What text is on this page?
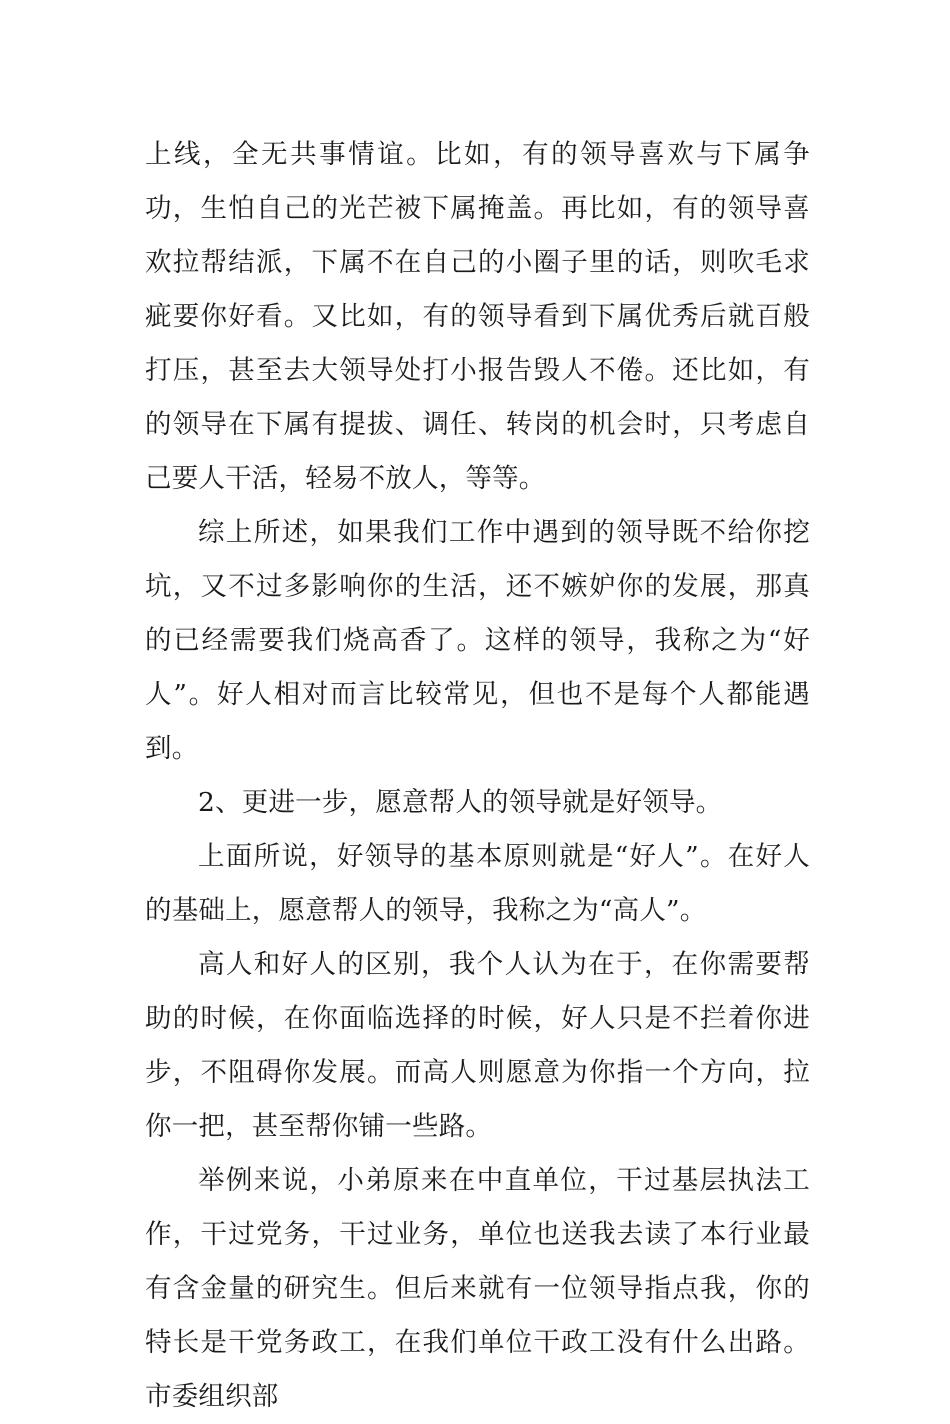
上线，全无共事情谊。比如，有的领导喜欢与下属争功，生怕自己的光芒被下属掩盖。再比如，有的领导喜欢拉帮结派，下属不在自己的小圈子里的话，则吹毛求疵要你好看。又比如，有的领导看到下属优秀后就百般打压，甚至去大领导处打小报告毁人不倦。还比如，有的领导在下属有提拔、调任、转岗的机会时，只考虑自己要人干活，轻易不放人，等等。

综上所述，如果我们工作中遇到的领导既不给你挖坑，又不过多影响你的生活，还不嫉妒你的发展，那真的已经需要我们烧高香了。这样的领导，我称之为“好人”。好人相对而言比较常见，但也不是每个人都能遇到。

2、更进一步，愿意帮人的领导就是好领导。

上面所说，好领导的基本原则就是“好人”。在好人的基础上，愿意帮人的领导，我称之为“高人”。

高人和好人的区别，我个人认为在于，在你需要帮助的时候，在你面临选择的时候，好人只是不拦着你进步，不阻碍你发展。而高人则愿意为你指一个方向，拉你一把，甚至帮你铺一些路。

举例来说，小弟原来在中直单位，干过基层执法工作，干过党务，干过业务，单位也送我去读了本行业最有含金量的研究生。但后来就有一位领导指点我，你的特长是干党务政工，在我们单位干政工没有什么出路。市委组织部
